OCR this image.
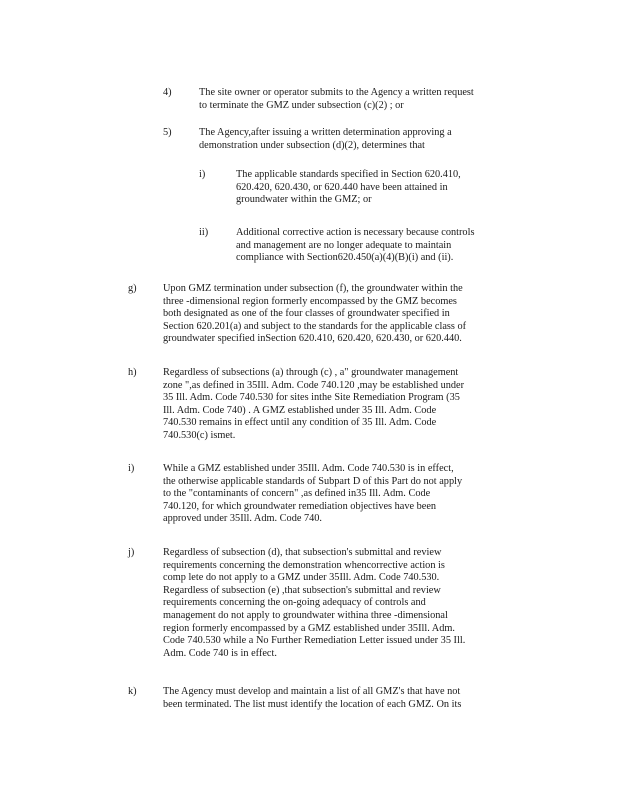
4)	The site owner or operator submits to the Agency a written request
to terminate the GMZ under subsection (c)(2) ; or
5)	The Agency,after issuing a written determination approving a
demonstration under subsection (d)(2), determines that
i)	The applicable standards specified in Section 620.410,
620.420, 620.430, or 620.440 have been attained in
groundwater within the GMZ; or
ii)	Additional corrective action is necessary because controls
and management are no longer adequate to maintain
compliance with Section620.450(a)(4)(B)(i) and (ii).
g)	Upon GMZ termination under subsection (f), the groundwater within the
three -dimensional region formerly encompassed by the GMZ becomes
both designated as one of the four classes of groundwater specified in
Section 620.201(a) and subject to the standards for the applicable class of
groundwater specified inSection 620.410, 620.420, 620.430, or 620.440.
h)	Regardless of subsections (a) through (c) , a" groundwater management
zone ",as defined in 35Ill. Adm. Code 740.120 ,may be established under
35 Ill. Adm. Code 740.530 for sites inthe Site Remediation Program (35
Ill. Adm. Code 740) . A GMZ established under 35 Ill. Adm. Code
740.530 remains in effect until any condition of 35 Ill. Adm. Code
740.530(c) ismet.
i)	While a GMZ established under 35Ill. Adm. Code 740.530 is in effect,
the otherwise applicable standards of Subpart D of this Part do not apply
to the "contaminants of concern" ,as defined in35 Ill. Adm. Code
740.120, for which groundwater remediation objectives have been
approved under 35Ill. Adm. Code 740.
j)	Regardless of subsection (d), that subsection's submittal and review
requirements concerning the demonstration whencorrective action is
comp lete do not apply to a GMZ under 35Ill. Adm. Code 740.530.
Regardless of subsection (e) ,that subsection's submittal and review
requirements concerning the on-going adequacy of controls and
management do not apply to groundwater withina three -dimensional
region formerly encompassed by a GMZ established under 35Ill. Adm.
Code 740.530 while a No Further Remediation Letter issued under 35 Ill.
Adm. Code 740 is in effect.
k)	The Agency must develop and maintain a list of all GMZ's that have not
been terminated. The list must identify the location of each GMZ. On its
